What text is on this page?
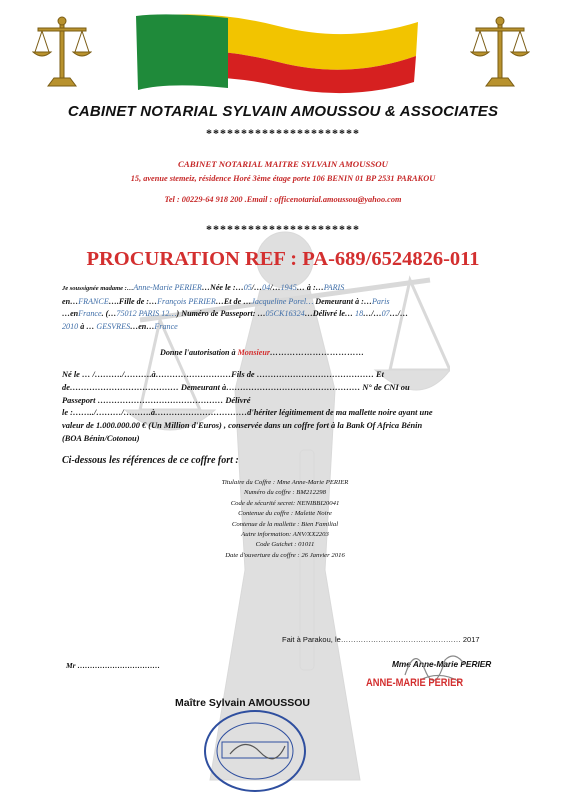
CABINET NOTARIAL SYLVAIN AMOUSSOU & ASSOCIATES
**********************
CABINET NOTARIAL MAITRE SYLVAIN AMOUSSOU
15, avenue stemeiz, résidence Horé 3ème étage porte 106 BENIN 01 BP 2531 PARAKOU
Tel : 00229-64 918 200 .Email : officenotarial.amoussou@yahoo.com
**********************
PROCURATION REF : PA-689/6524826-011
Je soussignée madame :…Anne-Marie PERIER…Née le :…05/…04/…1945… à :…PARIS
en…FRANCE….Fille de :…François PERIER…Et de …Jacqueline Porel… Demeurant à :…Paris
…enFrance. (…75012 PARIS 12…) Numéro de Passeport: …05CK16324…Délivré le… 18…/…07…/…
2010 à … GESVRES…en…France
Donne l'autorisation à Monsieur……………………………
Né le … /………./……….à………………………Fils de …………………………………… Et
de………………………………… Demeurant à………………………………………… N° de CNI ou
Passeport ……………………………………… Délivré
le :……../………/……….à……………………………d'hériter légitimement de ma mallette noire ayant une
valeur de 1.000.000.00 € (Un Million d'Euros) , conservée dans un coffre fort à la Bank Of Africa Bénin
(BOA Bénin/Cotonou)
Ci-dessous les références de ce coffre fort :
Titulaire du Coffre : Mme Anne-Marie PERIER
Numéro du coffre : BM212298
Code de sécurité secret: NENIBBI20041
Contenue du coffre : Malette Noire
Contenue de la mallette : Bien Familial
Autre information: ANV/XX2203
Code Guichet : 01011
Date d'ouverture du coffre : 26 Janvier 2016
Fait à Parakou, le………………………………………… 2017
Mr ……………………………	Mme Anne-Marie PERIER
ANNE-MARIE PERIER
Maître Sylvain AMOUSSOU
